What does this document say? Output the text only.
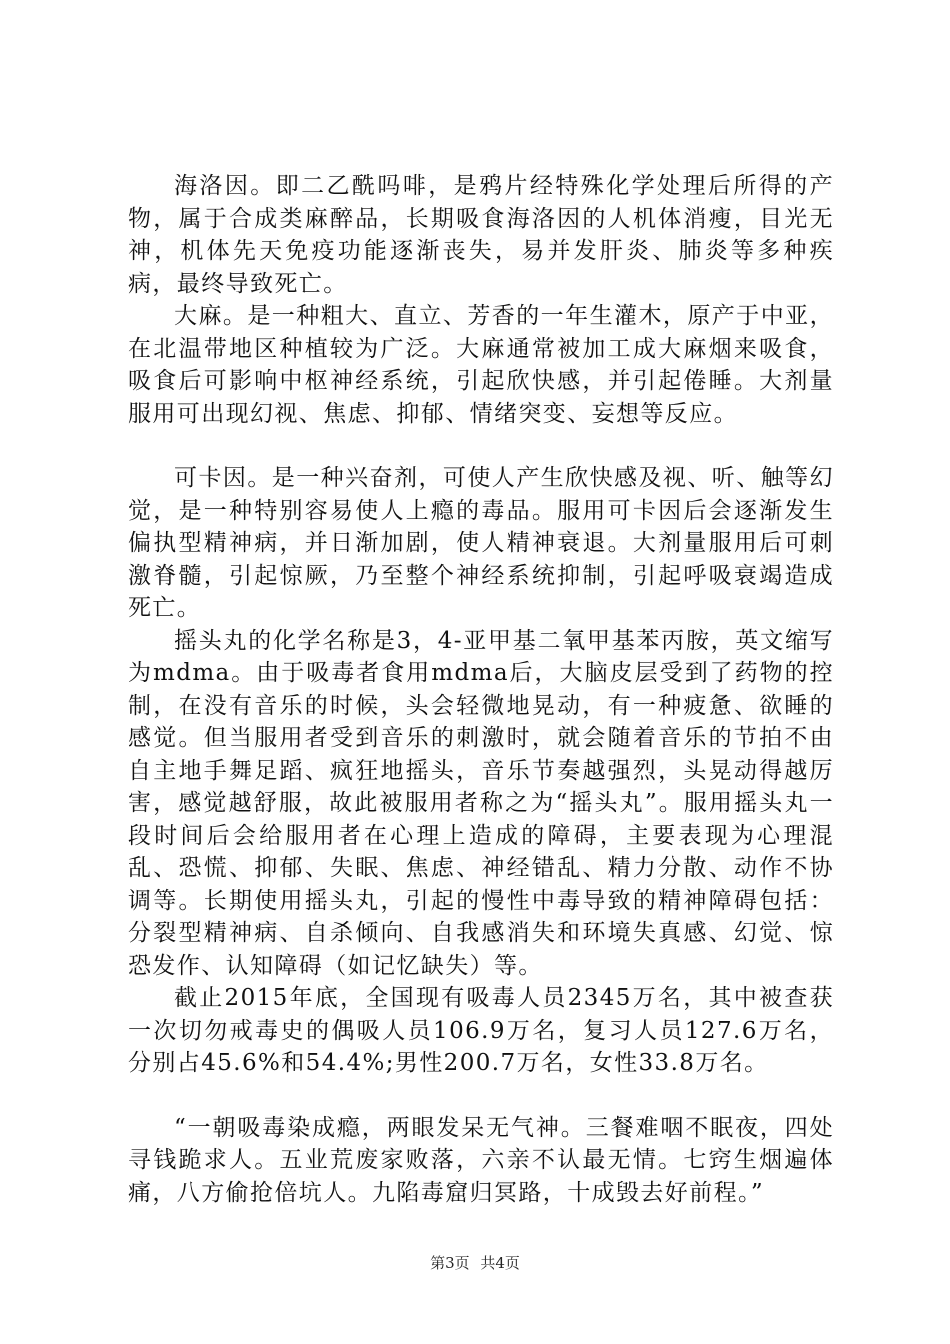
海洛因。即二乙酰吗啡，是鸦片经特殊化学处理后所得的产物，属于合成类麻醉品，长期吸食海洛因的人机体消瘦，目光无神，机体先天免疫功能逐渐丧失，易并发肝炎、肺炎等多种疾病，最终导致死亡。

大麻。是一种粗大、直立、芳香的一年生灌木，原产于中亚，在北温带地区种植较为广泛。大麻通常被加工成大麻烟来吸食，吸食后可影响中枢神经系统，引起欣快感，并引起倦睡。大剂量服用可出现幻视、焦虑、抑郁、情绪突变、妄想等反应。

可卡因。是一种兴奋剂，可使人产生欣快感及视、听、触等幻觉，是一种特别容易使人上瘾的毒品。服用可卡因后会逐渐发生偏执型精神病，并日渐加剧，使人精神衰退。大剂量服用后可刺激脊髓，引起惊厥，乃至整个神经系统抑制，引起呼吸衰竭造成死亡。

摇头丸的化学名称是3，4-亚甲基二氧甲基苯丙胺，英文缩写为mdma。由于吸毒者食用mdma后，大脑皮层受到了药物的控制，在没有音乐的时候，头会轻微地晃动，有一种疲惫、欲睡的感觉。但当服用者受到音乐的刺激时，就会随着音乐的节拍不由自主地手舞足蹈、疯狂地摇头，音乐节奏越强烈，头晃动得越厉害，感觉越舒服，故此被服用者称之为“摇头丸”。服用摇头丸一段时间后会给服用者在心理上造成的障碍，主要表现为心理混乱、恐慌、抑郁、失眠、焦虑、神经错乱、精力分散、动作不协调等。长期使用摇头丸，引起的慢性中毒导致的精神障碍包括：分裂型精神病、自杀倾向、自我感消失和环境失真感、幻觉、惊恐发作、认知障碍（如记忆缺失）等。

截止2015年底，全国现有吸毒人员2345万名，其中被查获一次切勿戒毒史的偶吸人员106.9万名，复习人员127.6万名，分别占45.6%和54.4%;男性200.7万名，女性33.8万名。

“一朝吸毒染成瘾，两眼发呆无气神。三餐难咽不眠夜，四处寻钱跪求人。五业荒废家败落，六亲不认最无情。七窍生烟遍体痛，八方偷抢倍坑人。九陷毒窟归冥路，十成毁去好前程。”

第3页 共4页
